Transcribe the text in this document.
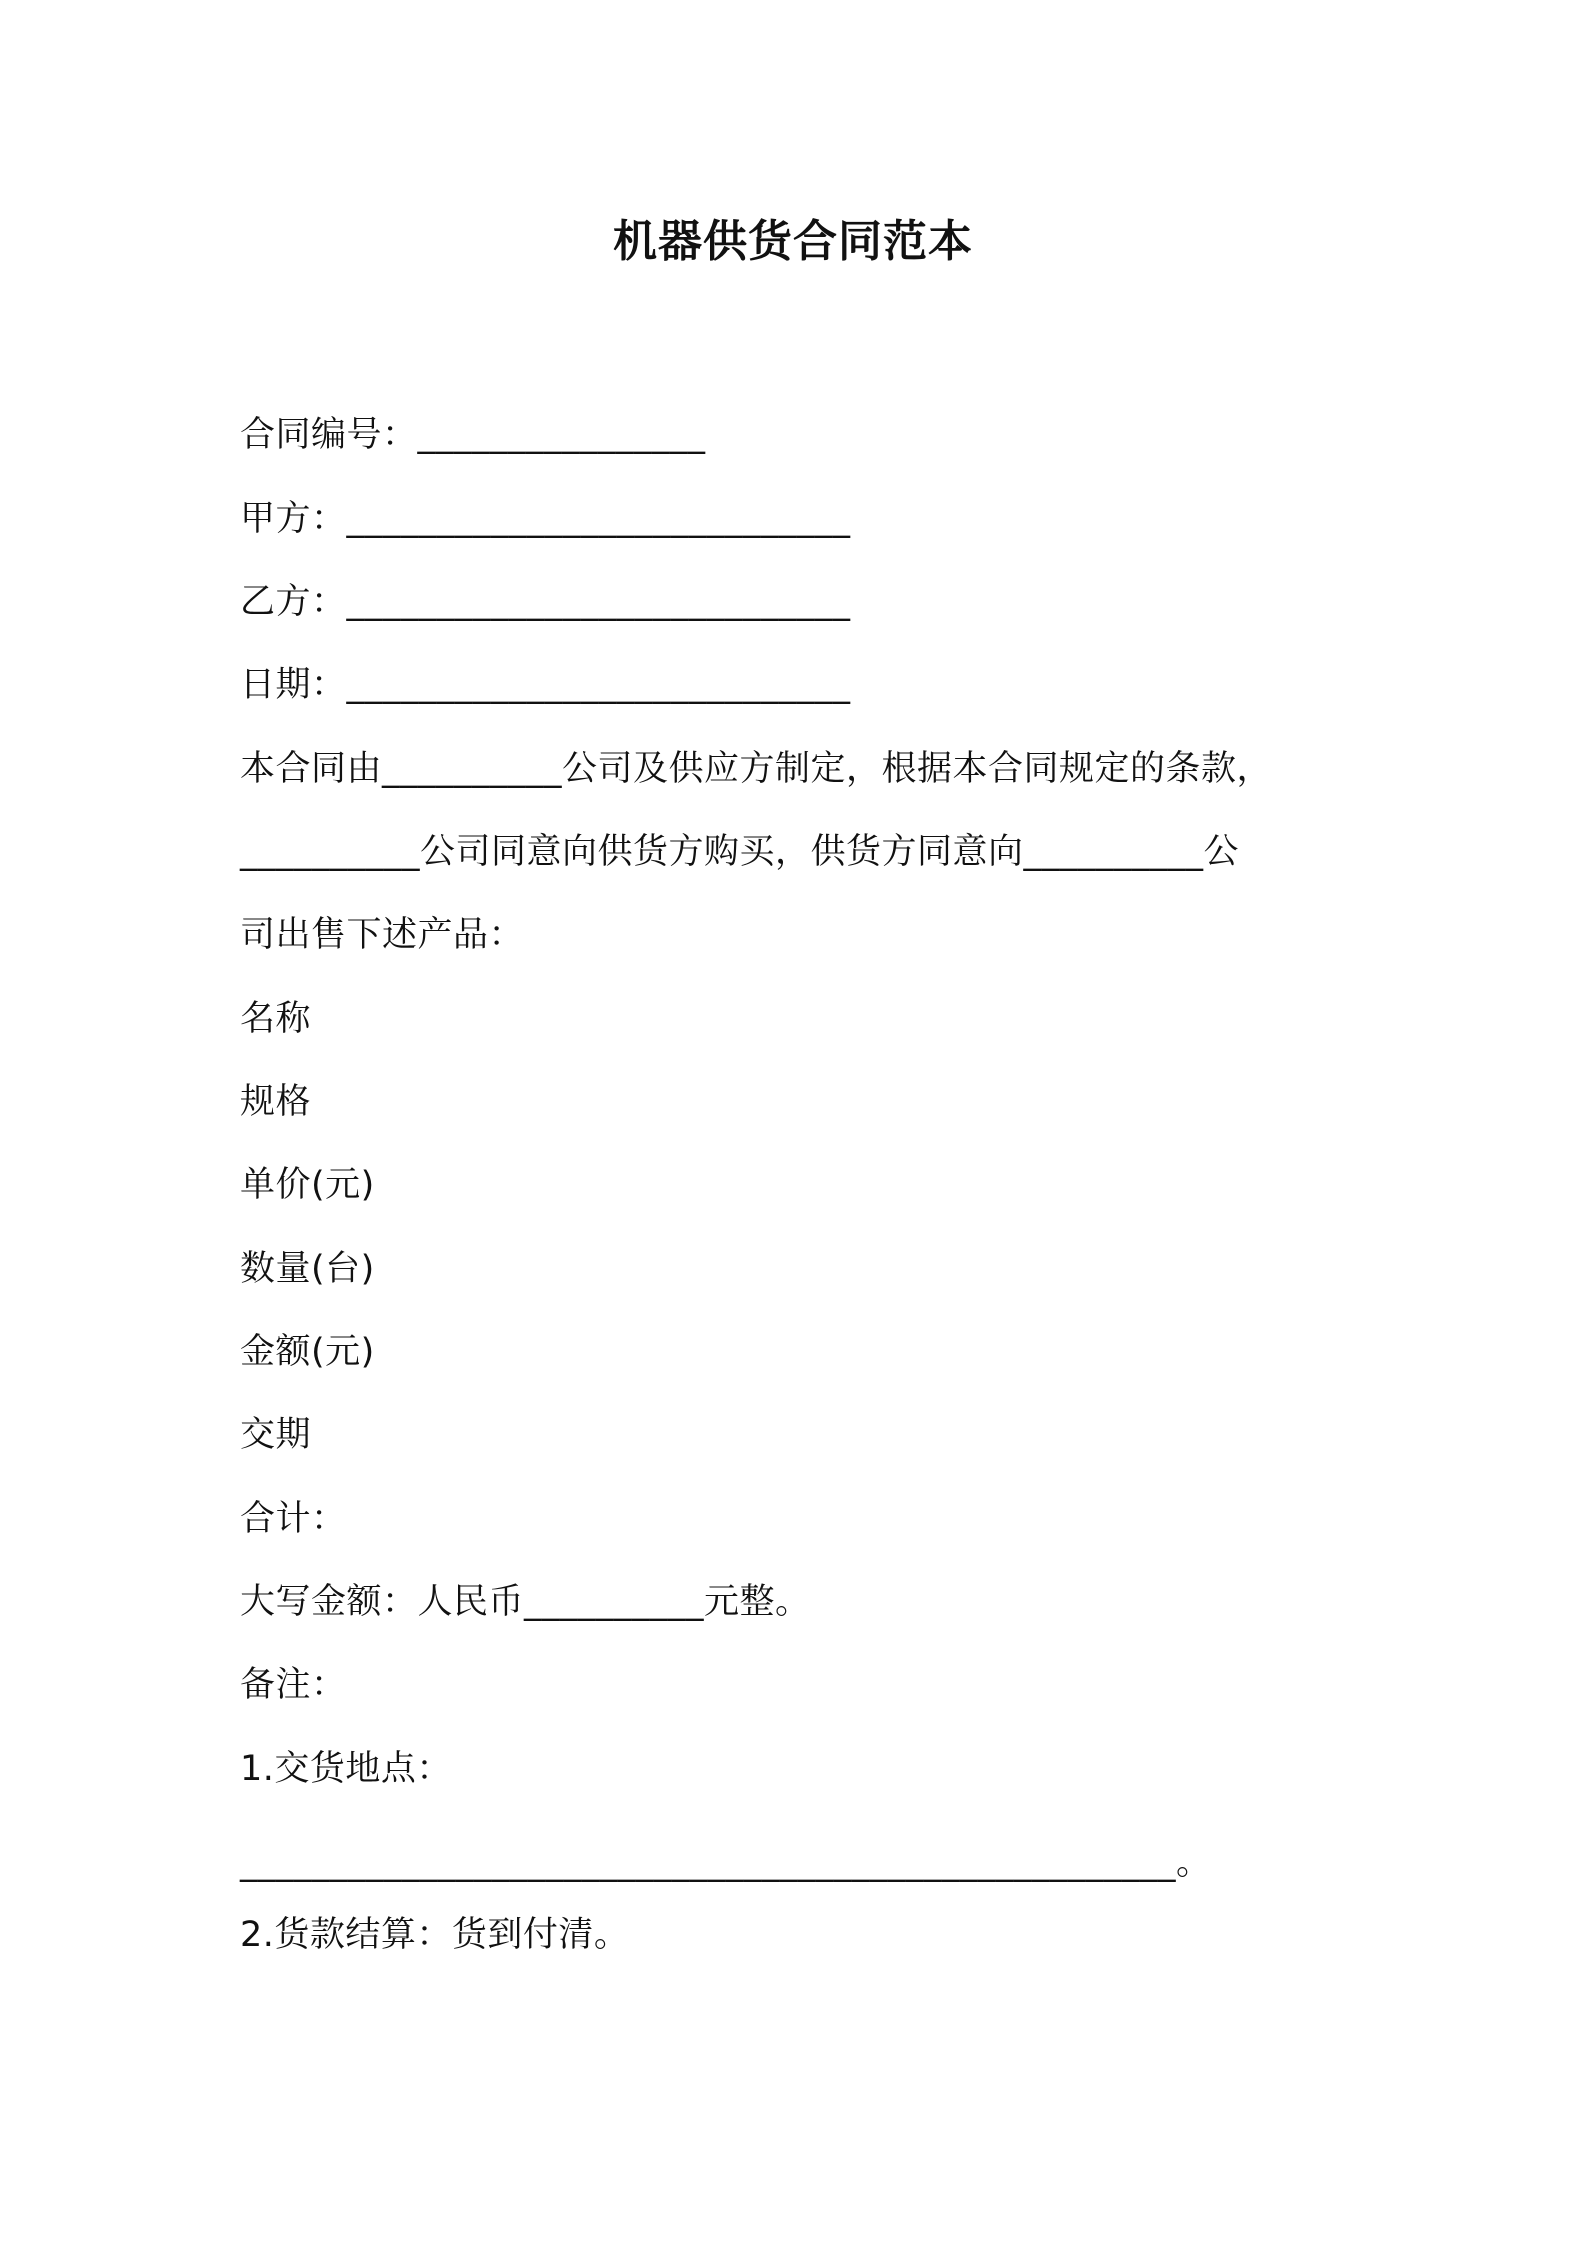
机器供货合同范本
合同编号：________________
甲方：____________________________
乙方：____________________________
日期：____________________________
本合同由__________公司及供应方制定，根据本合同规定的条款，
__________公司同意向供货方购买，供货方同意向__________公
司出售下述产品：
名称
规格
单价(元)
数量(台)
金额(元)
交期
合计：
大写金额：人民币__________元整。
备注：
1.交货地点：
____________________________________________________。
2.货款结算：货到付清。
